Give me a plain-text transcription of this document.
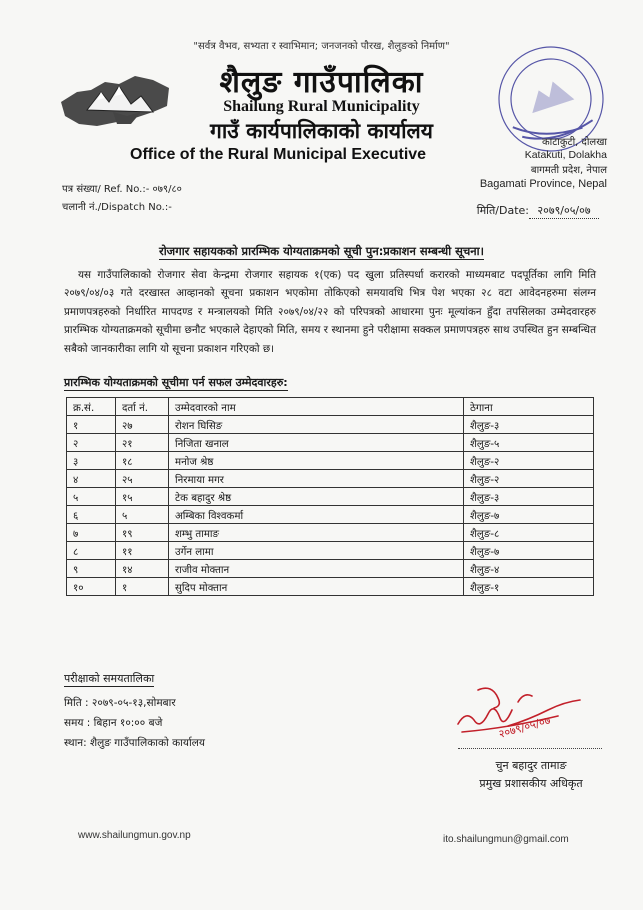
"सर्वत्र वैभव, सभ्यता र स्वाभिमान; जनजनको पौरख, शैलुङको निर्माण"
शैलुङ गाउँपालिका
Shailung Rural Municipality
गाउँ कार्यपालिकाको कार्यालय
Office of the Rural Municipal Executive
काटाकुटी, दोलखा
Katakuti, Dolakha
बागमती प्रदेश, नेपाल
Bagamati Province, Nepal
पत्र संख्या/ Ref. No.:- ०७९/८०
चलानी नं./Dispatch No.:-	मिति/Date: २०७९/०५/०७
रोजगार सहायकको प्रारम्भिक योग्यताक्रमको सूची पुन:प्रकाशन सम्बन्धी सूचना।
यस गाउँपालिकाको रोजगार सेवा केन्द्रमा रोजगार सहायक १(एक) पद खुला प्रतिस्पर्धा करारको माध्यमबाट पदपूर्तिका लागि मिति २०७९/०४/०३ गते दरखास्त आव्हानको सूचना प्रकाशन भएकोमा तोकिएको समयावधि भित्र पेश भएका २८ वटा आवेदनहरुमा संलग्न प्रमाणपत्रहरुको निर्धारित मापदण्ड र मन्त्रालयको मिति २०७९/०४/२२ को परिपत्रको आधारमा पुनः मूल्यांकन हुँदा तपसिलका उम्मेदवारहरु प्रारम्भिक योग्यताक्रमको सूचीमा छनौट भएकाले देहाएको मिति, समय र स्थानमा हुने परीक्षामा सक्कल प्रमाणपत्रहरु साथ उपस्थित हुन सम्बन्धित सबैको जानकारीका लागि यो सूचना प्रकाशन गरिएको छ।
प्रारम्भिक योग्यताक्रमको सूचीमा पर्न सफल उम्मेदवारहरु:
क्र.सं.	दर्ता नं.	उम्मेदवारको नाम	ठेगाना
१	२७	रोशन घिसिङ	शैलुङ-३
२	२१	निजिता खनाल	शैलुङ-५
३	१८	मनोज श्रेष्ठ	शैलुङ-२
४	२५	निरमाया मगर	शैलुङ-२
५	१५	टेक बहादुर श्रेष्ठ	शैलुङ-३
६	५	अम्बिका विश्वकर्मा	शैलुङ-७
७	१९	शम्भु तामाङ	शैलुङ-८
८	११	उर्गेन लामा	शैलुङ-७
९	१४	राजीव मोक्तान	शैलुङ-४
१०	१	सुदिप मोक्तान	शैलुङ-१
परीक्षाको समयतालिका
मिति : २०७९-०५-१३,सोमबार
समय : बिहान १०:०० बजे
स्थान: शैलुङ गाउँपालिकाको कार्यालय
२०७९/०५/०७
चुन बहादुर तामाङ
प्रमुख प्रशासकीय अधिकृत
www.shailungmun.gov.np	ito.shailungmun@gmail.com
